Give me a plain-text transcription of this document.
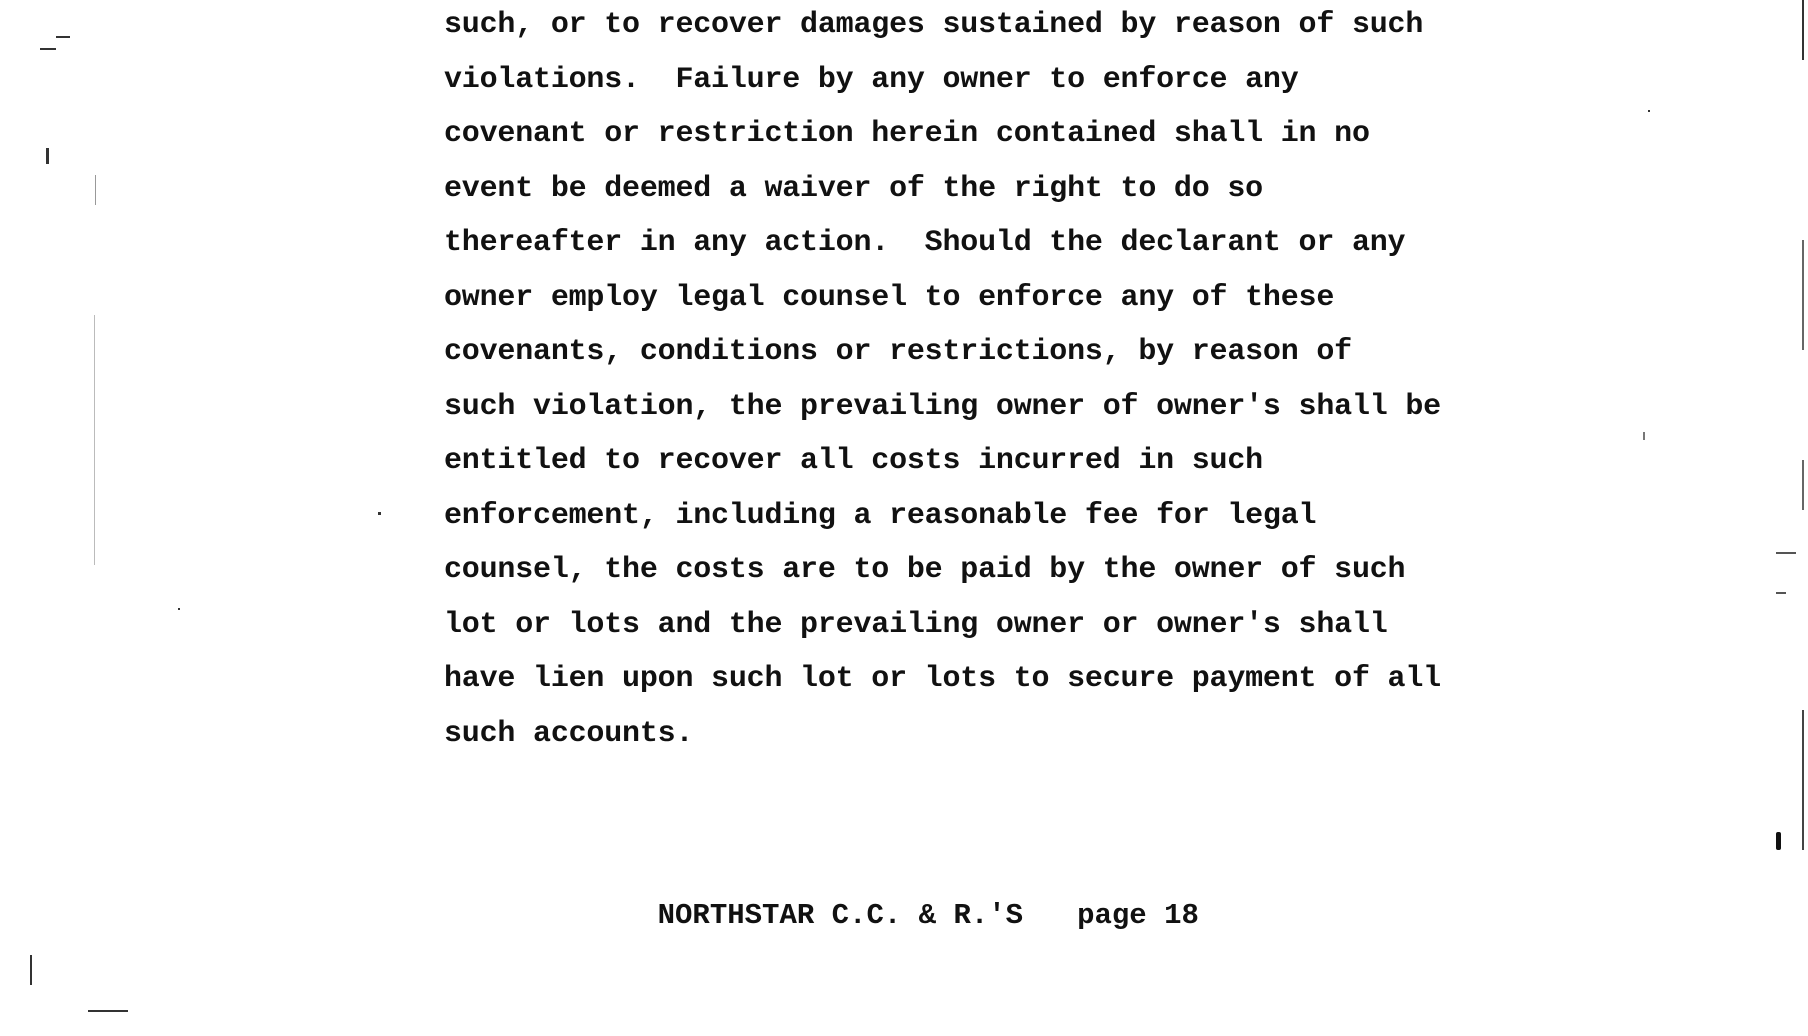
such, or to recover damages sustained by reason of such
violations.  Failure by any owner to enforce any
covenant or restriction herein contained shall in no
event be deemed a waiver of the right to do so
thereafter in any action.  Should the declarant or any
owner employ legal counsel to enforce any of these
covenants, conditions or restrictions, by reason of
such violation, the prevailing owner of owner's shall be
entitled to recover all costs incurred in such
enforcement, including a reasonable fee for legal
counsel, the costs are to be paid by the owner of such
lot or lots and the prevailing owner or owner's shall
have lien upon such lot or lots to secure payment of all
such accounts.

NORTHSTAR C.C. & R.'S page 18
